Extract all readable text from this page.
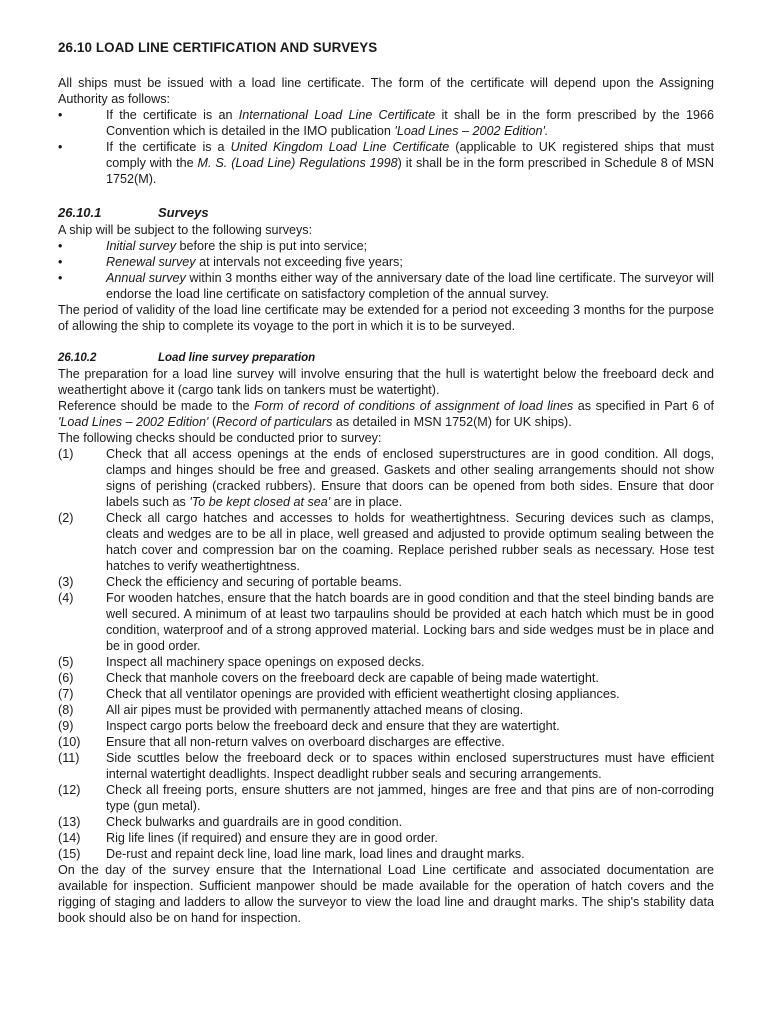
26.10 LOAD LINE CERTIFICATION AND SURVEYS

All ships must be issued with a load line certificate. The form of the certificate will depend upon the Assigning Authority as follows:

•	If the certificate is an International Load Line Certificate it shall be in the form prescribed by the 1966 Convention which is detailed in the IMO publication 'Load Lines – 2002 Edition'.
•	If the certificate is a United Kingdom Load Line Certificate (applicable to UK registered ships that must comply with the M. S. (Load Line) Regulations 1998) it shall be in the form prescribed in Schedule 8 of MSN 1752(M).
26.10.1	Surveys

A ship will be subject to the following surveys:

•	Initial survey before the ship is put into service;
•	Renewal survey at intervals not exceeding five years;
•	Annual survey within 3 months either way of the anniversary date of the load line certificate. The surveyor will endorse the load line certificate on satisfactory completion of the annual survey.

The period of validity of the load line certificate may be extended for a period not exceeding 3 months for the purpose of allowing the ship to complete its voyage to the port in which it is to be surveyed.

26.10.2	Load line survey preparation

The preparation for a load line survey will involve ensuring that the hull is watertight below the freeboard deck and weathertight above it (cargo tank lids on tankers must be watertight).

Reference should be made to the Form of record of conditions of assignment of load lines as specified in Part 6 of 'Load Lines – 2002 Edition' (Record of particulars as detailed in MSN 1752(M) for UK ships).

The following checks should be conducted prior to survey:

(1)	Check that all access openings at the ends of enclosed superstructures are in good condition. All dogs, clamps and hinges should be free and greased. Gaskets and other sealing arrangements should not show signs of perishing (cracked rubbers). Ensure that doors can be opened from both sides. Ensure that door labels such as 'To be kept closed at sea' are in place.
(2)	Check all cargo hatches and accesses to holds for weathertightness. Securing devices such as clamps, cleats and wedges are to be all in place, well greased and adjusted to provide optimum sealing between the hatch cover and compression bar on the coaming. Replace perished rubber seals as necessary. Hose test hatches to verify weathertightness.
(3)	Check the efficiency and securing of portable beams.
(4)	For wooden hatches, ensure that the hatch boards are in good condition and that the steel binding bands are well secured. A minimum of at least two tarpaulins should be provided at each hatch which must be in good condition, waterproof and of a strong approved material. Locking bars and side wedges must be in place and be in good order.
(5)	Inspect all machinery space openings on exposed decks.
(6)	Check that manhole covers on the freeboard deck are capable of being made watertight.
(7)	Check that all ventilator openings are provided with efficient weathertight closing appliances.
(8)	All air pipes must be provided with permanently attached means of closing.
(9)	Inspect cargo ports below the freeboard deck and ensure that they are watertight.
(10) Ensure that all non-return valves on overboard discharges are effective.
(11) Side scuttles below the freeboard deck or to spaces within enclosed superstructures must have efficient internal watertight deadlights. Inspect deadlight rubber seals and securing arrangements.
(12) Check all freeing ports, ensure shutters are not jammed, hinges are free and that pins are of non-corroding type (gun metal).
(13) Check bulwarks and guardrails are in good condition.
(14) Rig life lines (if required) and ensure they are in good order.
(15) De-rust and repaint deck line, load line mark, load lines and draught marks.

On the day of the survey ensure that the International Load Line certificate and associated documentation are available for inspection. Sufficient manpower should be made available for the operation of hatch covers and the rigging of staging and ladders to allow the surveyor to view the load line and draught marks. The ship's stability data book should also be on hand for inspection.
